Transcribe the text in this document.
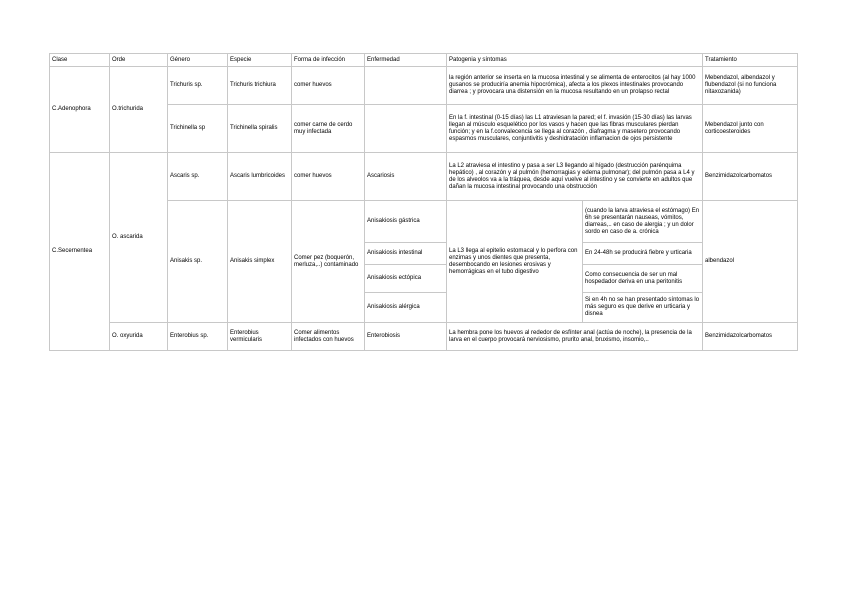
Clase	Orde	Género	Especie	Forma de infección	Enfermedad	Patogenia y síntomas		Tratamiento
C.Adenophora	O.trichurida	Trichuris sp.	Trichuris trichiura	comer huevos		la región anterior se inserta en la mucosa intestinal y se alimenta de enterocitos (al hay 1000 gusanos se produciría anemia hipocrómica), afecta a los plexos intestinales provocando diarrea ; y provocara una distensión en la mucosa resultando en un prolapso rectal		Mebendazol, albendazol y flubendazol (si no funciona nitaxozanida)
		Trichinella sp	Trichinella spiralis	comer carne de cerdo muy infectada		En la f. intestinal (0-15 días) las L1 atraviesan la pared; el f. invasión (15-30 días) las larvas llegan al músculo esquelético por los vasos y hacen que las fibras musculares pierdan función; y en la f.convalecencia se llega al corazón , diafragma y masetero provocando espasmos musculares, conjuntivitis y deshidratación inflamacion de ojos persistente		Mebendazol junto con corticoesteroides
C.Secernentea	O. ascarida	Ascaris sp.	Ascaris lumbricoides	comer huevos	Ascariosis	La L2 atraviesa el intestino y pasa a ser L3 llegando al hígado (destrucción parénquima hepático) , al corazón y al pulmón (hemorragias y edema pulmonar); del pulmón pasa a L4 y de los alveolos va a la tráquea, desde aquí vuelve al intestino y se convierte en adultos que dañan la mucosa intestinal provocando una obstrucción		Benzimidazolcarbomatos
		Anisakis sp.	Anisakis simplex	Comer pez (boquerón, merluza,..) contaminado	Anisakiosis gástrica	La L3 llega al epitelio estomacal y lo perfora con enzimas y unos dientes que presenta, desembocando en lesiones erosivas y hemorrágicas en el tubo digestivo	(cuando la larva atraviesa el estómago) En 6h se presentarán nauseas, vómitos, diarreas,.. en caso de alergia ; y un dolor sordo en caso de a. crónica	albendazol
					Anisakiosis intestinal		En 24-48h se producirá fiebre y urticaria	
					Anisakiosis ectópica		Como consecuencia de ser un mal hospedador deriva en una peritonitis	
					Anisakiosis alérgica		Si en 4h no se han presentado síntomas lo más seguro es que derive en urticaria y disnea	
	O. oxyurida	Enterobius sp.	Enterobius vermicularis	Comer alimentos infectados con huevos	Enterobiosis	La hembra pone los huevos al rededor de esfínter anal (actúa de noche), la presencia de la larva en el cuerpo provocará nerviosismo, prurito anal, bruxismo, insomio,..		Benzimidazolcarbomatos
